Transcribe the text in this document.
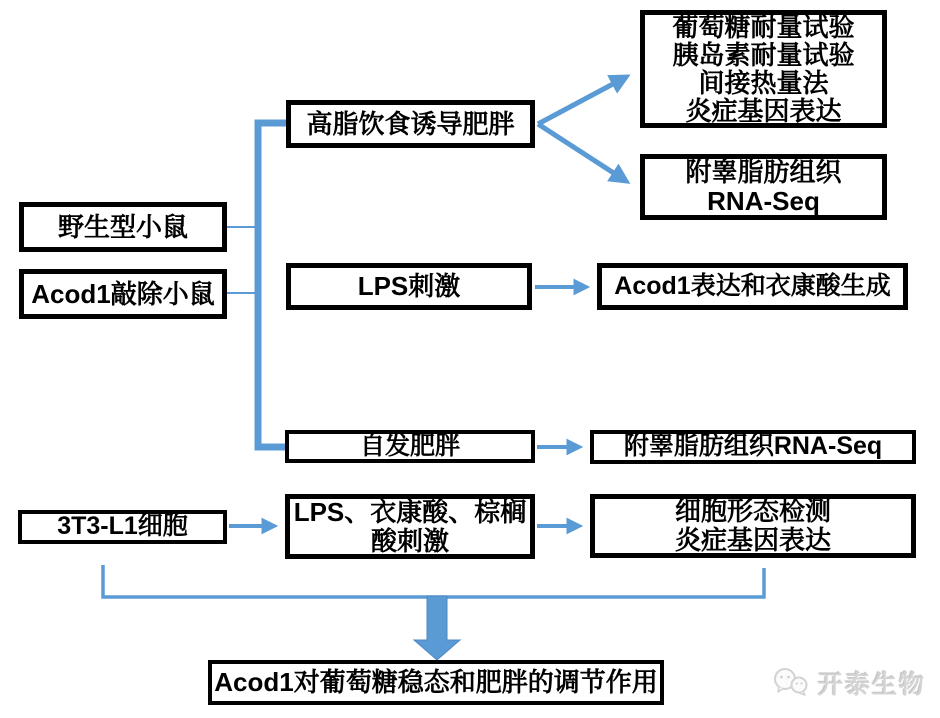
野生型小鼠
Acod1敲除小鼠
高脂饮食诱导肥胖
葡萄糖耐量试验
胰岛素耐量试验
间接热量法
炎症基因表达
附睾脂肪组织
RNA-Seq
LPS刺激	Acod1表达和衣康酸生成
自发肥胖	附睾脂肪组织RNA-Seq
3T3-L1细胞	LPS、衣康酸、棕榈
酸刺激
细胞形态检测
炎症基因表达
Acod1对葡萄糖稳态和肥胖的调节作用	开泰生物
